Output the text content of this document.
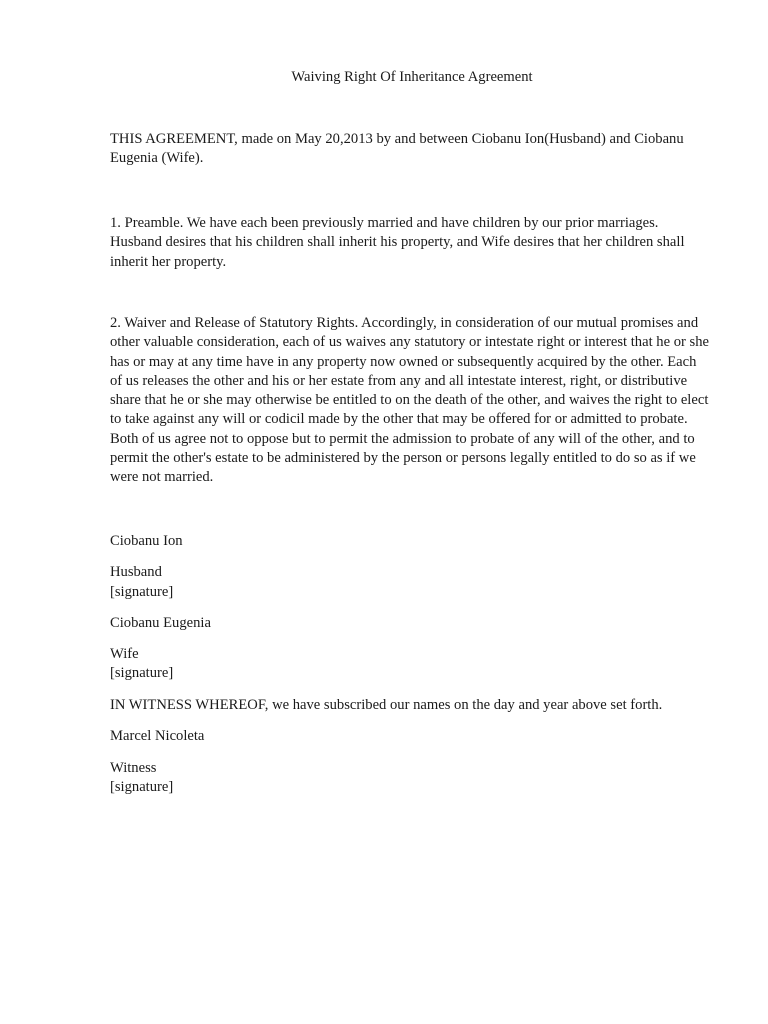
Waiving Right Of Inheritance Agreement

THIS AGREEMENT, made on May 20,2013 by and between Ciobanu Ion(Husband) and Ciobanu Eugenia (Wife).

1. Preamble. We have each been previously married and have children by our prior marriages. Husband desires that his children shall inherit his property, and Wife desires that her children shall inherit her property.

2. Waiver and Release of Statutory Rights. Accordingly, in consideration of our mutual promises and other valuable consideration, each of us waives any statutory or intestate right or interest that he or she has or may at any time have in any property now owned or subsequently acquired by the other. Each of us releases the other and his or her estate from any and all intestate interest, right, or distributive share that he or she may otherwise be entitled to on the death of the other, and waives the right to elect to take against any will or codicil made by the other that may be offered for or admitted to probate. Both of us agree not to oppose but to permit the admission to probate of any will of the other, and to permit the other's estate to be administered by the person or persons legally entitled to do so as if we were not married.

Ciobanu Ion
Husband
[signature]
Ciobanu Eugenia
Wife
[signature]
IN WITNESS WHEREOF, we have subscribed our names on the day and year above set forth.
Marcel Nicoleta
Witness
[signature]
